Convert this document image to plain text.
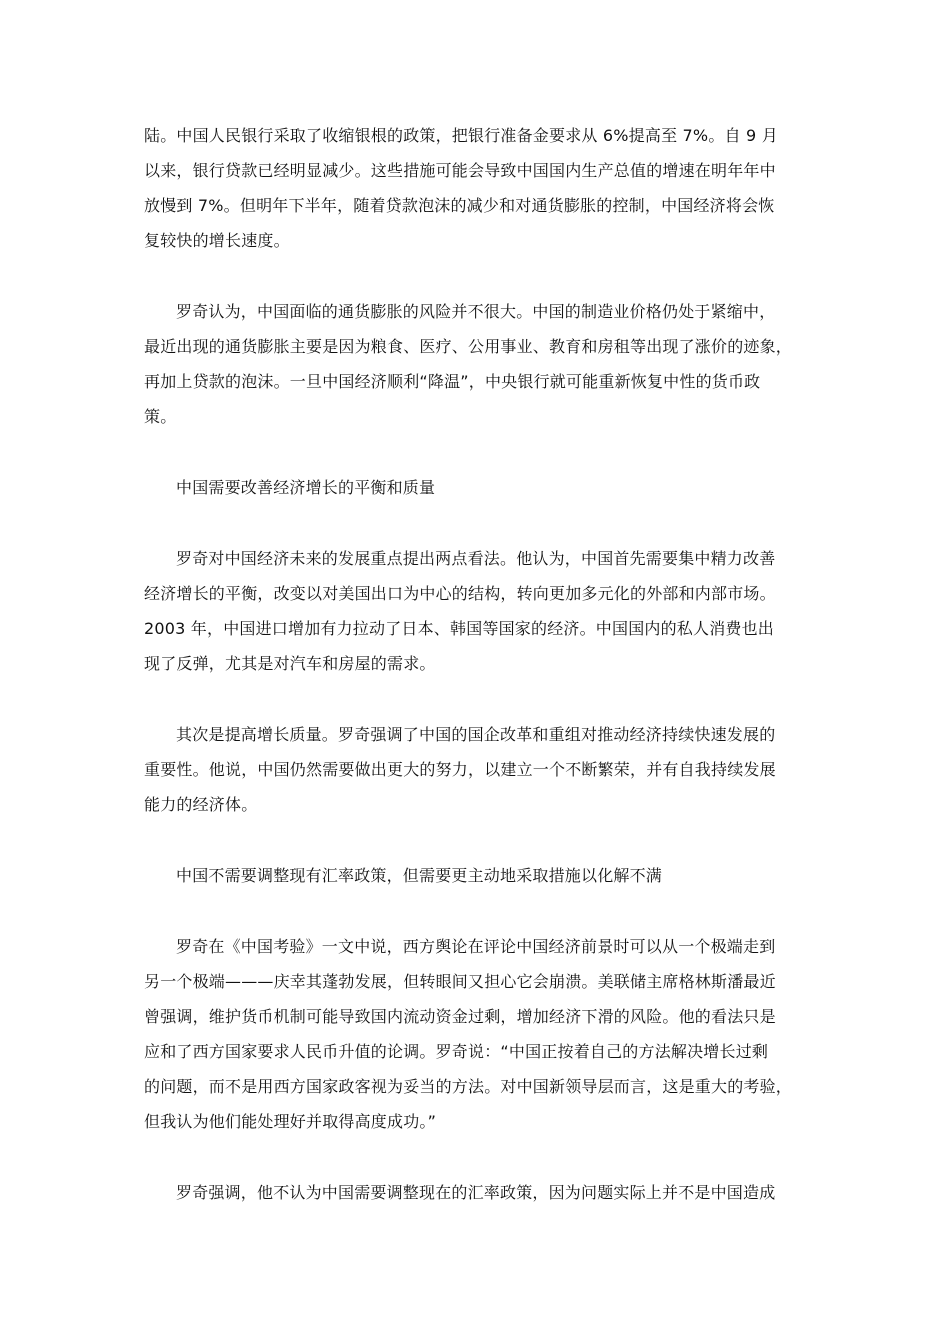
陆。中国人民银行采取了收缩银根的政策，把银行准备金要求从 6%提高至 7%。自 9 月
以来，银行贷款已经明显减少。这些措施可能会导致中国国内生产总值的增速在明年年中
放慢到 7%。但明年下半年，随着贷款泡沫的减少和对通货膨胀的控制，中国经济将会恢
复较快的增长速度。

罗奇认为，中国面临的通货膨胀的风险并不很大。中国的制造业价格仍处于紧缩中，
最近出现的通货膨胀主要是因为粮食、医疗、公用事业、教育和房租等出现了涨价的迹象，
再加上贷款的泡沫。一旦中国经济顺利“降温”，中央银行就可能重新恢复中性的货币政
策。

中国需要改善经济增长的平衡和质量

罗奇对中国经济未来的发展重点提出两点看法。他认为，中国首先需要集中精力改善
经济增长的平衡，改变以对美国出口为中心的结构，转向更加多元化的外部和内部市场。
2003 年，中国进口增加有力拉动了日本、韩国等国家的经济。中国国内的私人消费也出
现了反弹，尤其是对汽车和房屋的需求。

其次是提高增长质量。罗奇强调了中国的国企改革和重组对推动经济持续快速发展的
重要性。他说，中国仍然需要做出更大的努力，以建立一个不断繁荣，并有自我持续发展
能力的经济体。

中国不需要调整现有汇率政策，但需要更主动地采取措施以化解不满

罗奇在《中国考验》一文中说，西方舆论在评论中国经济前景时可以从一个极端走到
另一个极端———庆幸其蓬勃发展，但转眼间又担心它会崩溃。美联储主席格林斯潘最近
曾强调，维护货币机制可能导致国内流动资金过剩，增加经济下滑的风险。他的看法只是
应和了西方国家要求人民币升值的论调。罗奇说：“中国正按着自己的方法解决增长过剩
的问题，而不是用西方国家政客视为妥当的方法。对中国新领导层而言，这是重大的考验，
但我认为他们能处理好并取得高度成功。”

罗奇强调，他不认为中国需要调整现在的汇率政策，因为问题实际上并不是中国造成
